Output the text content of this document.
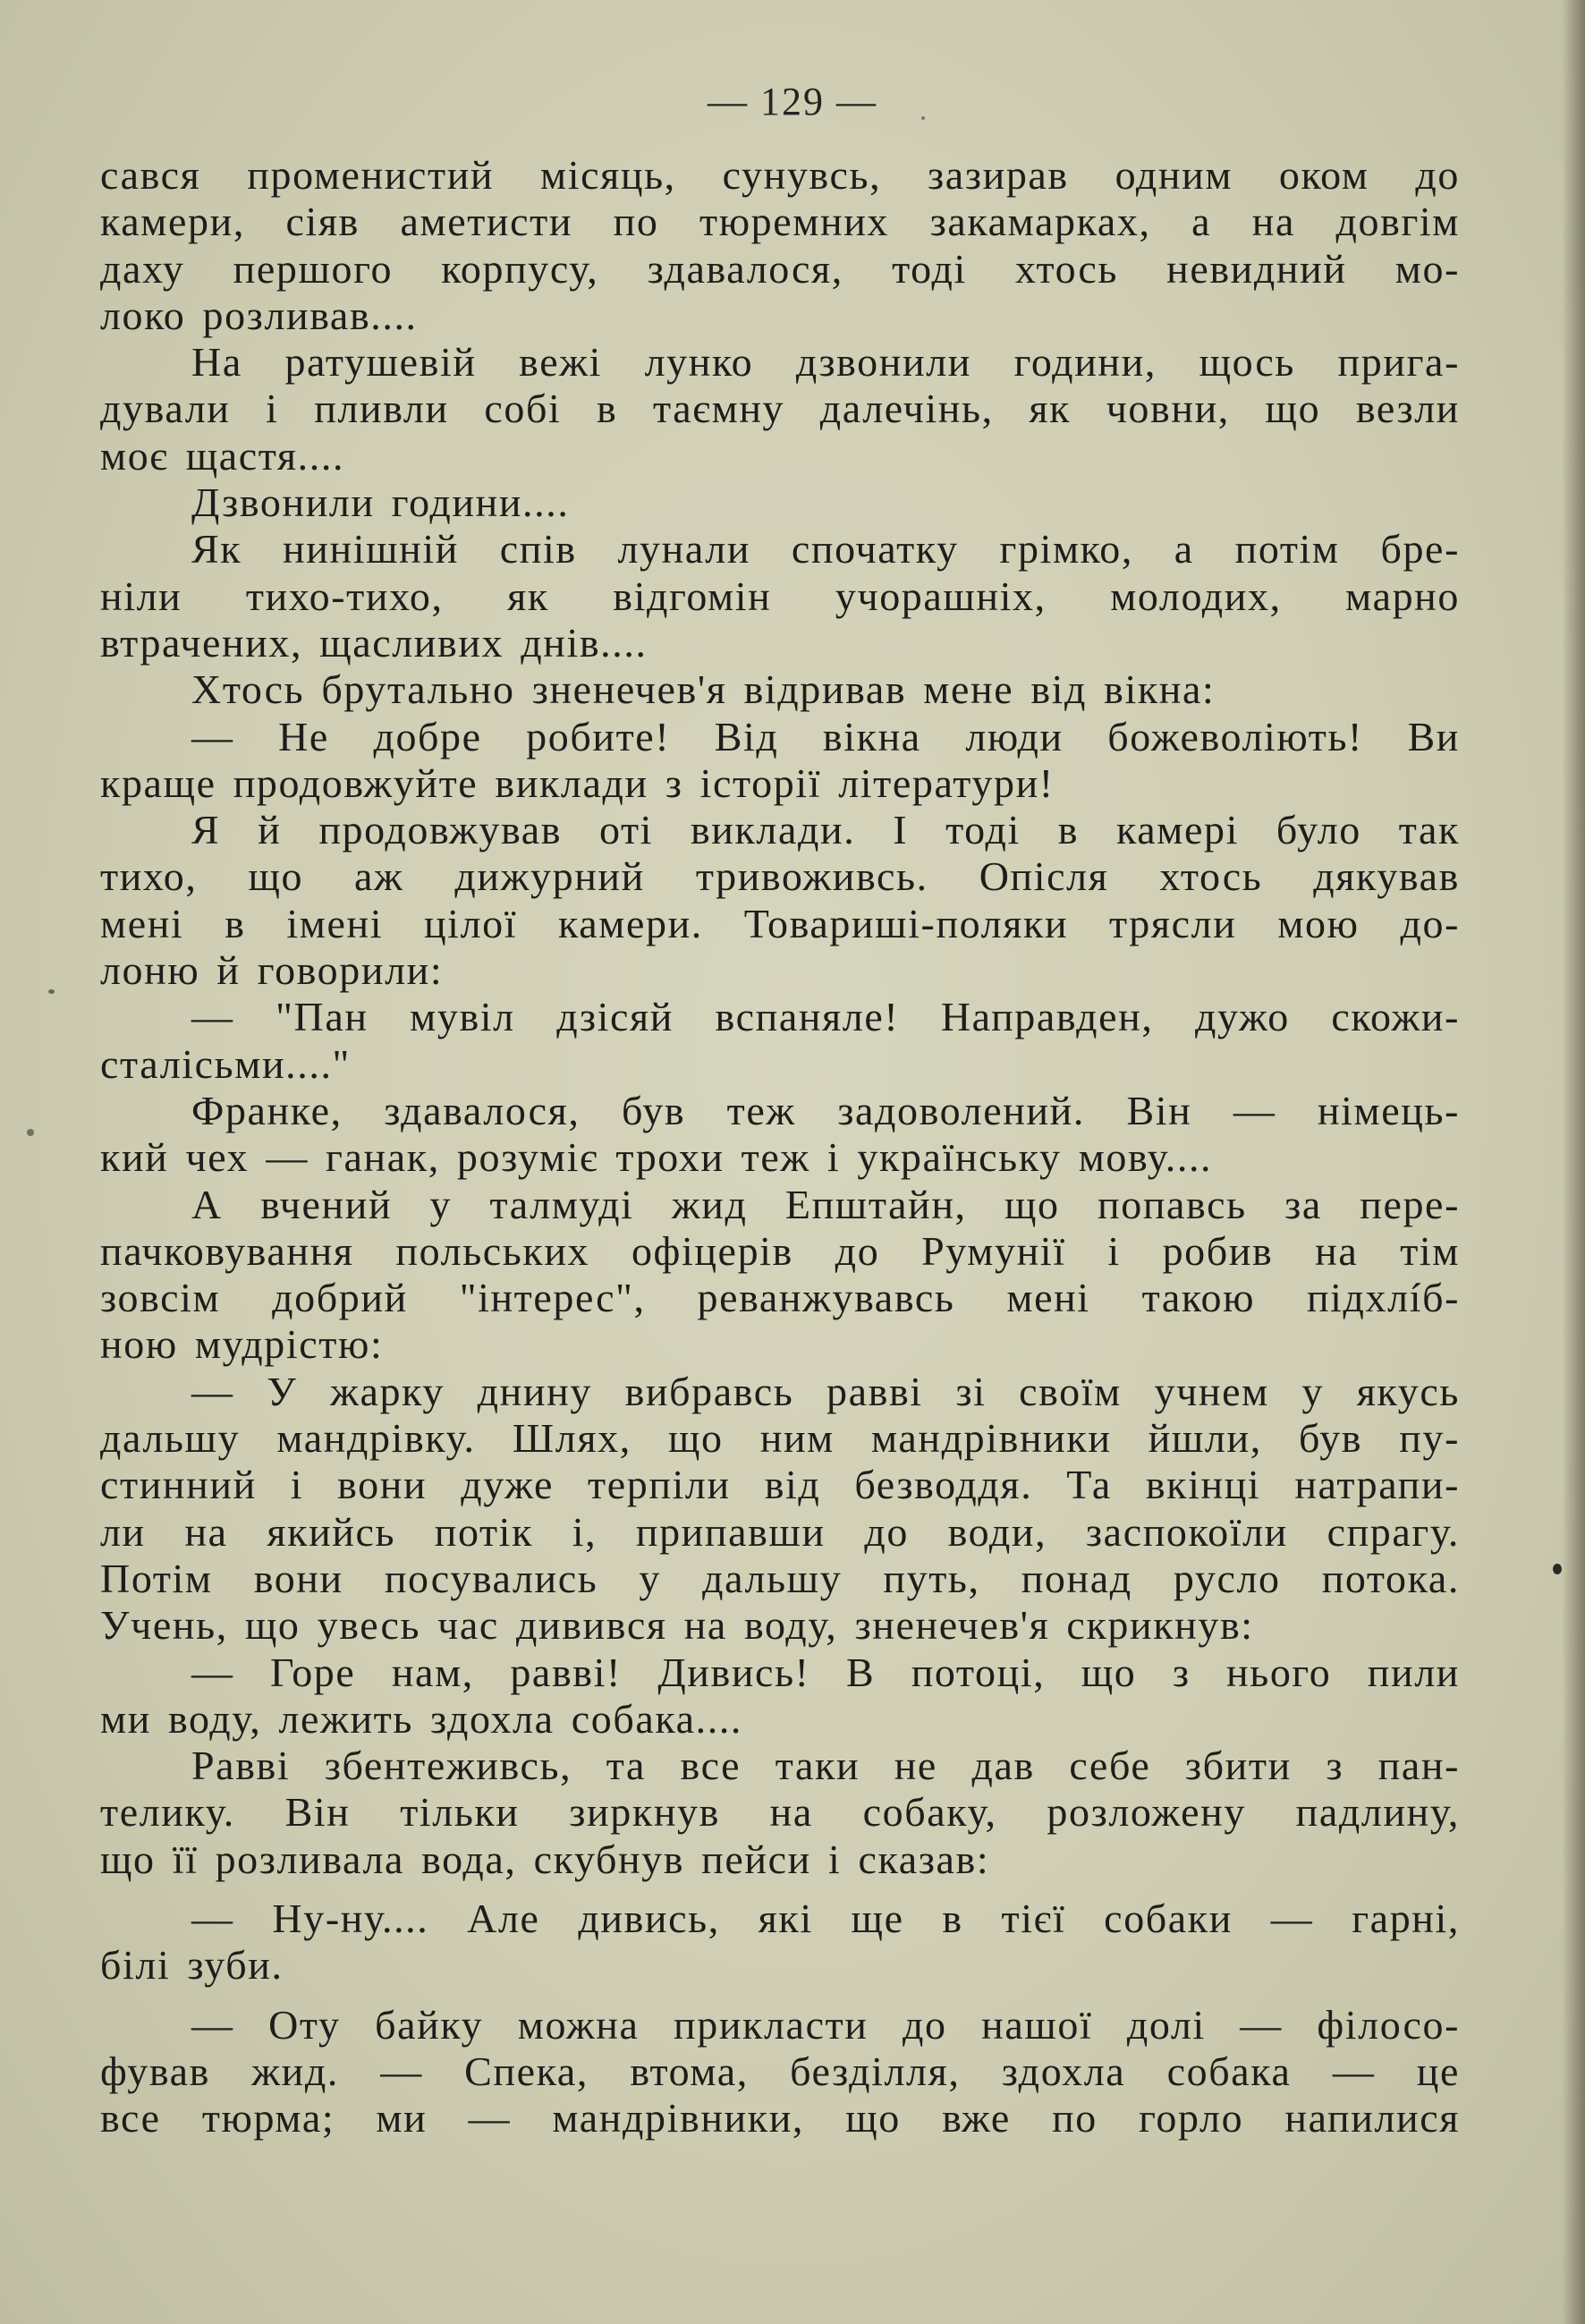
— 129 —
сався променистий місяць, сунувсь, зазирав одним оком до
камери, сіяв аметисти по тюремних закамарках, а на довгім
даху першого корпусу, здавалося, тоді хтось невидний мо-
локо розливав....
На ратушевій вежі лунко дзвонили години, щось прига-
дували і пливли собі в таємну далечінь, як човни, що везли
моє щастя....
Дзвонили години....
Як нинішній спів лунали спочатку грімко, а потім бре-
ніли тихо-тихо, як відгомін учорашніх, молодих, марно
втрачених, щасливих днів....
Хтось брутально зненечев'я відривав мене від вікна:
— Не добре робите! Від вікна люди божеволіють! Ви
краще продовжуйте виклади з історії літератури!
Я й продовжував оті виклади. І тоді в камері було так
тихо, що аж дижурний тривоживсь. Опісля хтось дякував
мені в імені цілої камери. Товариші-поляки трясли мою до-
лоню й говорили:
— "Пан мувіл дзісяй вспаняле! Направден, дужо скожи-
сталісьми...."
Франке, здавалося, був теж задоволений. Він — німець-
кий чех — ганак, розуміє трохи теж і українську мову....
А вчений у талмуді жид Епштайн, що попавсь за пере-
пачковування польських офіцерів до Румунії і робив на тім
зовсім добрий "інтерес", реванжувавсь мені такою підхлíб-
ною мудрістю:
— У жарку днину вибравсь равві зі своїм учнем у якусь
дальшу мандрівку. Шлях, що ним мандрівники йшли, був пу-
стинний і вони дуже терпіли від безводдя. Та вкінці натрапи-
ли на якийсь потік і, припавши до води, заспокоїли спрагу.
Потім вони посувались у дальшу путь, понад русло потока.
Учень, що увесь час дивився на воду, зненечев'я скрикнув:
— Горе нам, равві! Дивись! В потоці, що з нього пили
ми воду, лежить здохла собака....
Равві збентеживсь, та все таки не дав себе збити з пан-
телику. Він тільки зиркнув на собаку, розложену падлину,
що її розливала вода, скубнув пейси і сказав:
— Ну-ну.... Але дивись, які ще в тієї собаки — гарні,
білі зуби.
— Оту байку можна прикласти до нашої долі — філосо-
фував жид. — Спека, втома, безділля, здохла собака — це
все тюрма; ми — мандрівники, що вже по горло напилися
